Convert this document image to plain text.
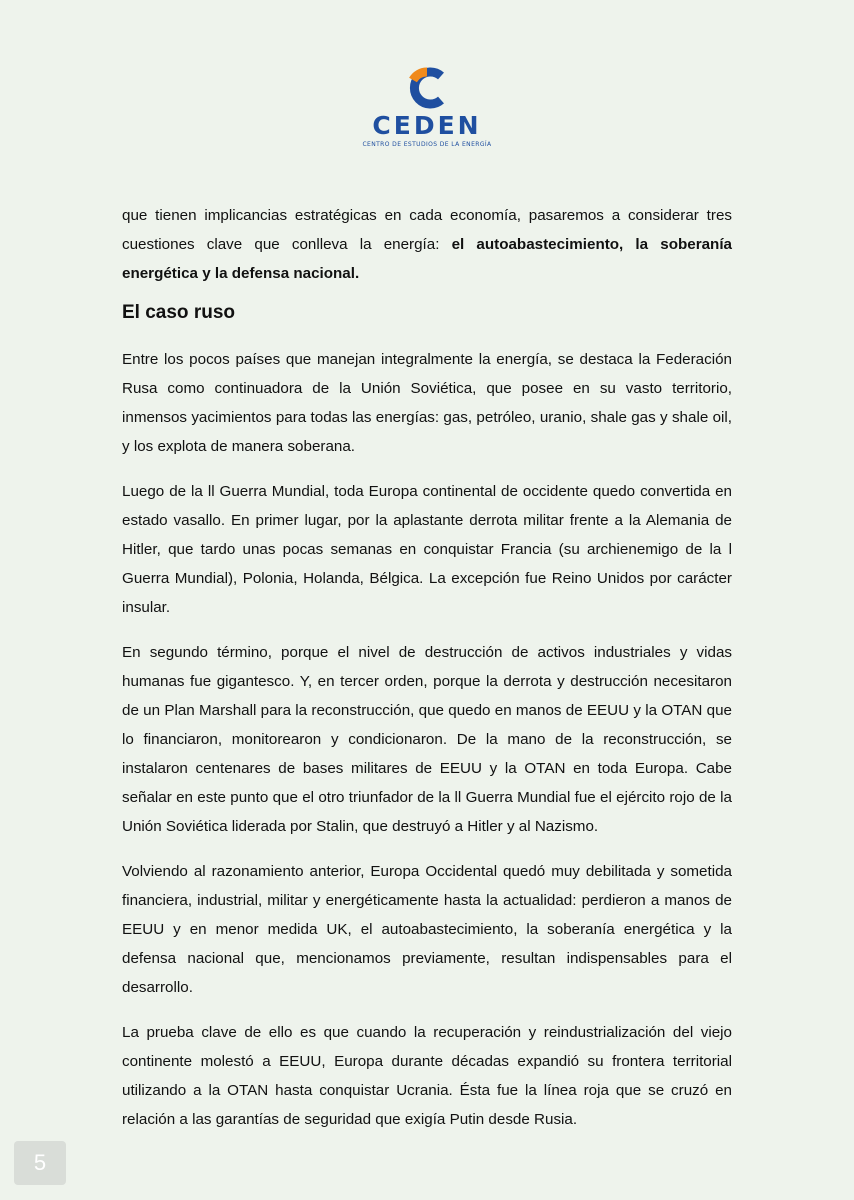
CEDEN
CENTRO DE ESTUDIOS DE LA ENERGÍA

que tienen implicancias estratégicas en cada economía, pasaremos a considerar tres cuestiones clave que conlleva la energía: el autoabastecimiento, la soberanía energética y la defensa nacional.

El caso ruso

Entre los pocos países que manejan integralmente la energía, se destaca la Federación Rusa como continuadora de la Unión Soviética, que posee en su vasto territorio, inmensos yacimientos para todas las energías: gas, petróleo, uranio, shale gas y shale oil, y los explota de manera soberana.

Luego de la ll Guerra Mundial, toda Europa continental de occidente quedo convertida en estado vasallo. En primer lugar, por la aplastante derrota militar frente a la Alemania de Hitler, que tardo unas pocas semanas en conquistar Francia (su archienemigo de la l Guerra Mundial), Polonia, Holanda, Bélgica. La excepción fue Reino Unidos por carácter insular.

En segundo término, porque el nivel de destrucción de activos industriales y vidas humanas fue gigantesco. Y, en tercer orden, porque la derrota y destrucción necesitaron de un Plan Marshall para la reconstrucción, que quedo en manos de EEUU y la OTAN que lo financiaron, monitorearon y condicionaron. De la mano de la reconstrucción, se instalaron centenares de bases militares de EEUU y la OTAN en toda Europa. Cabe señalar en este punto que el otro triunfador de la ll Guerra Mundial fue el ejército rojo de la Unión Soviética liderada por Stalin, que destruyó a Hitler y al Nazismo.

Volviendo al razonamiento anterior, Europa Occidental quedó muy debilitada y sometida financiera, industrial, militar y energéticamente hasta la actualidad: perdieron a manos de EEUU y en menor medida UK, el autoabastecimiento, la soberanía energética y la defensa nacional que, mencionamos previamente, resultan indispensables para el desarrollo.

La prueba clave de ello es que cuando la recuperación y reindustrialización del viejo continente molestó a EEUU, Europa durante décadas expandió su frontera territorial utilizando a la OTAN hasta conquistar Ucrania. Ésta fue la línea roja que se cruzó en relación a las garantías de seguridad que exigía Putin desde Rusia.

5
